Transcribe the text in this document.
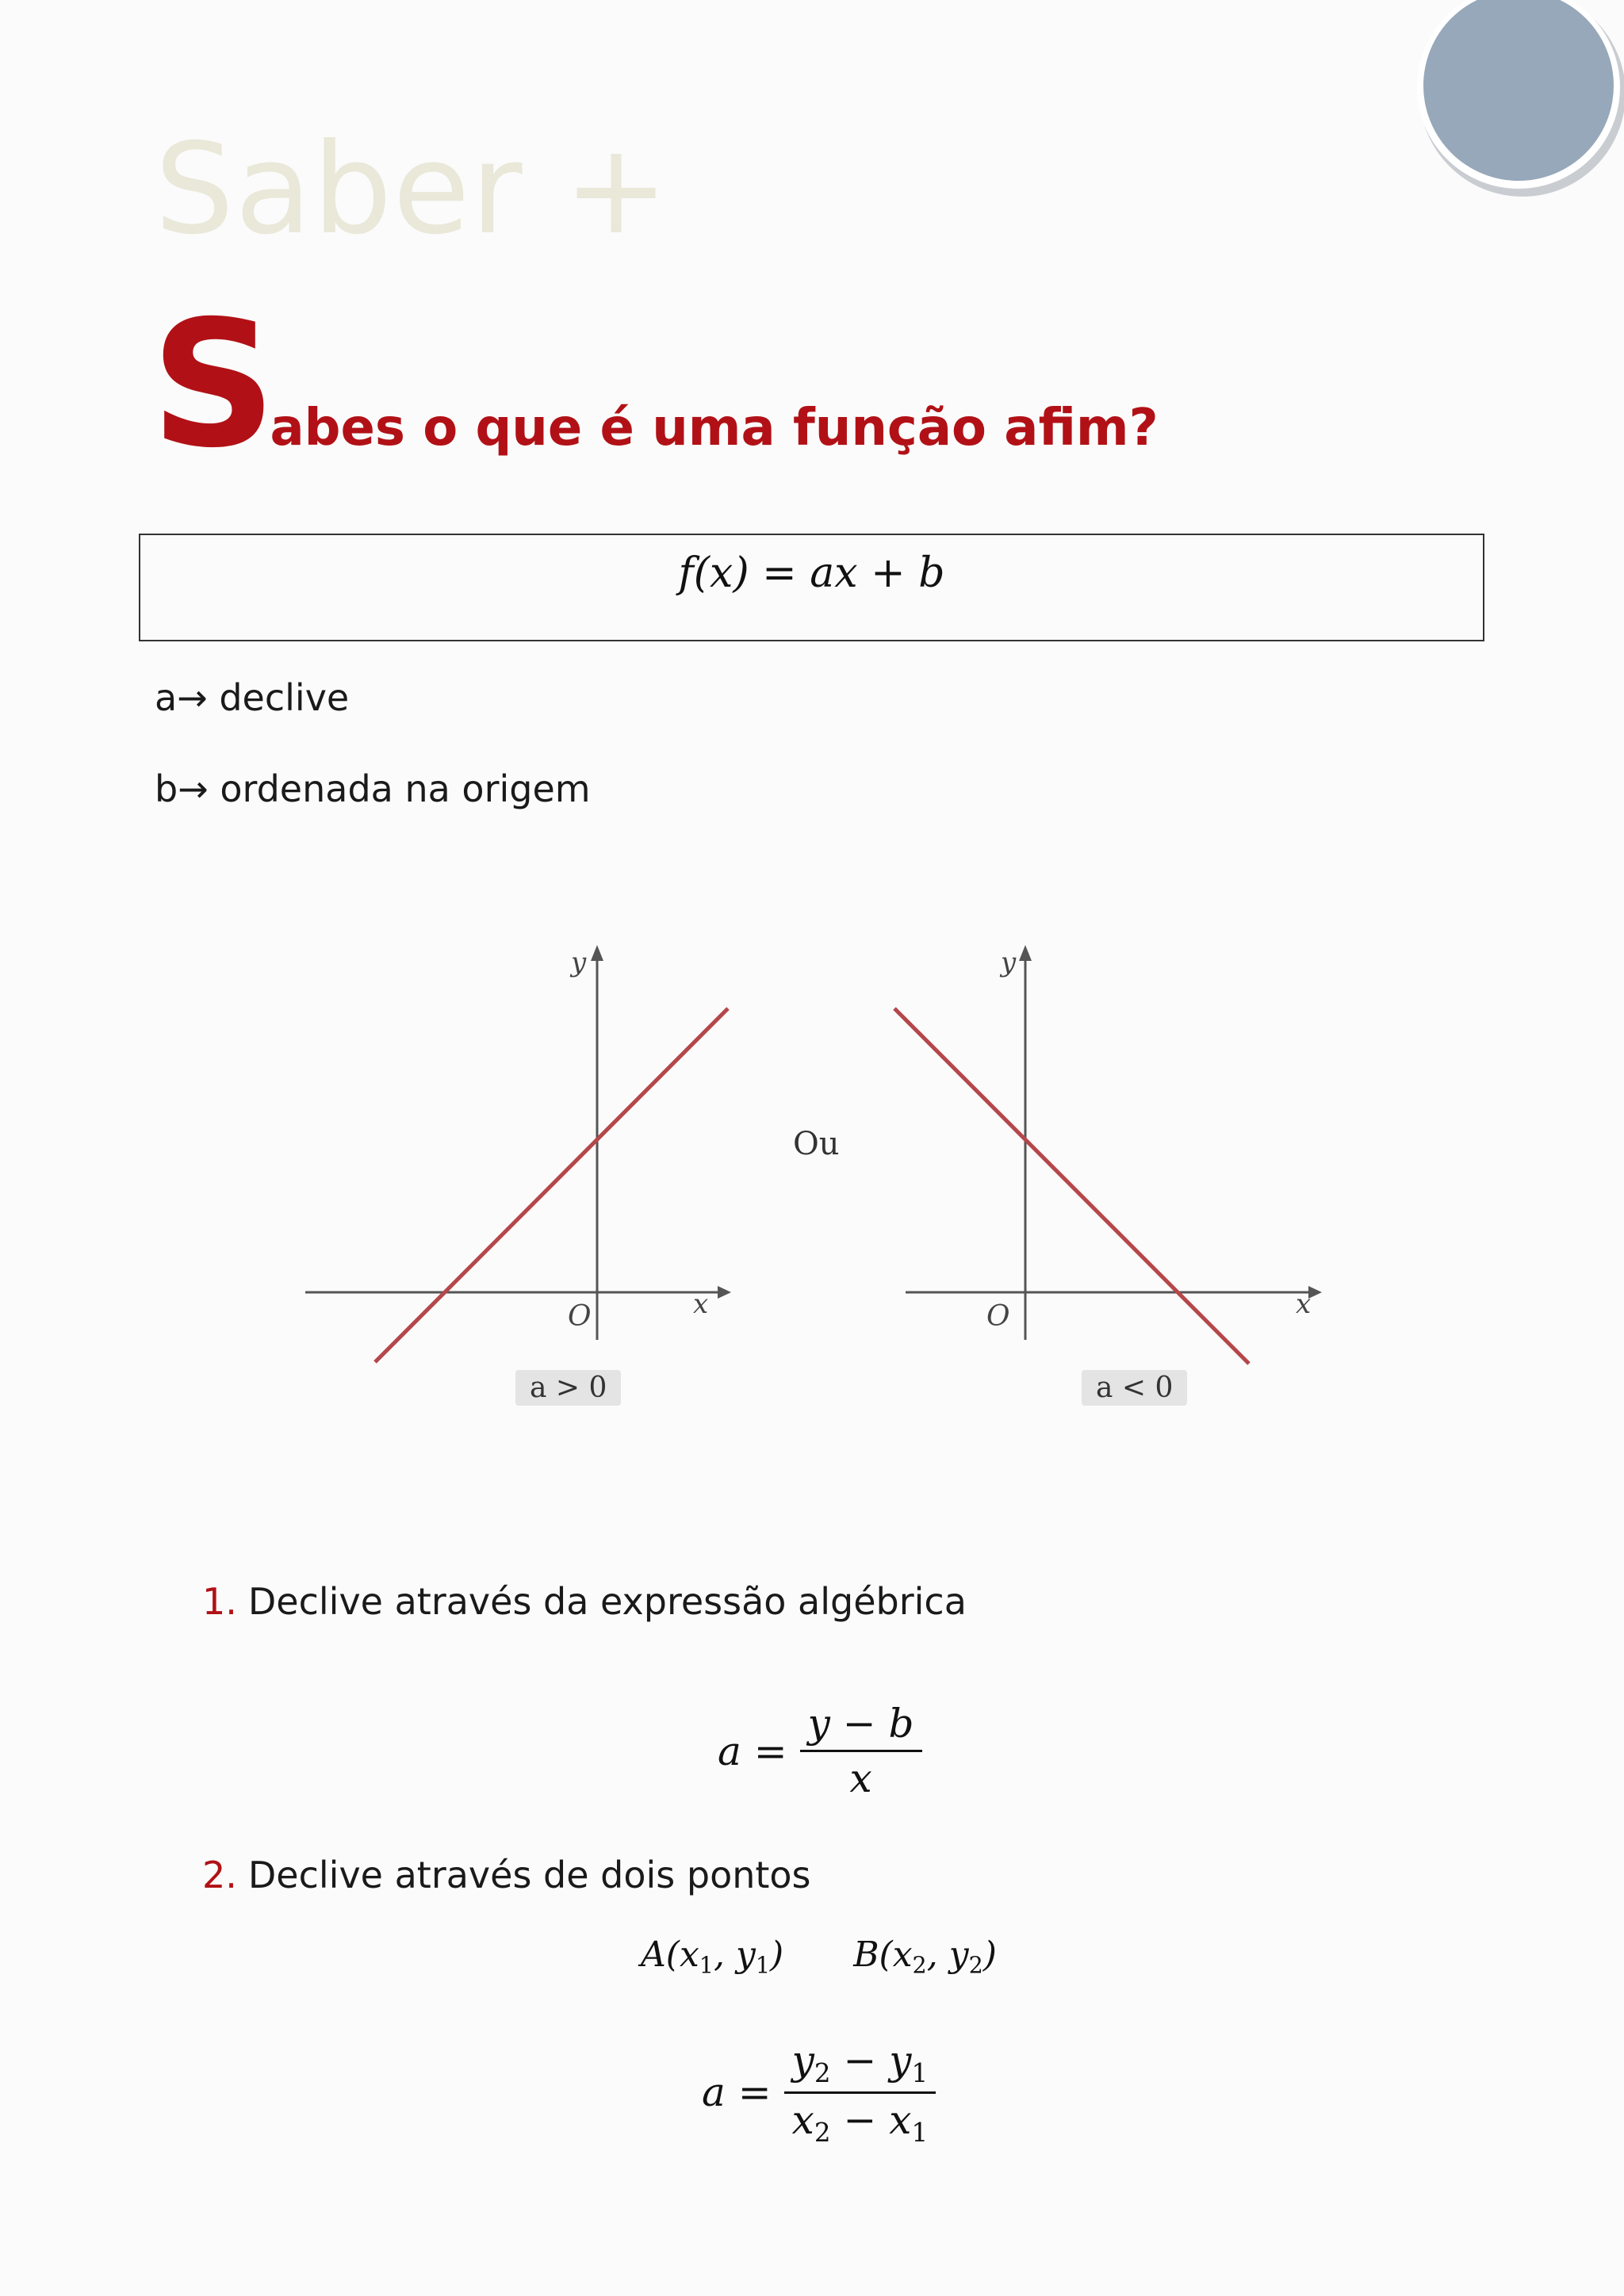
Saber +
Sabes o que é uma função afim?
f(x) = ax + b
a→ declive
b→ ordenada na origem
y
x
O
y
x
O
a > 0	a < 0
Ou
1. Declive através da expressão algébrica
$a = \frac{y - b}{x}$
2. Declive através de dois pontos
$A(x_1$, $y_1$) $B(x_2$, $y_2$)
$a = \frac{y_2 - y_1}{x_2 - x_1}$
